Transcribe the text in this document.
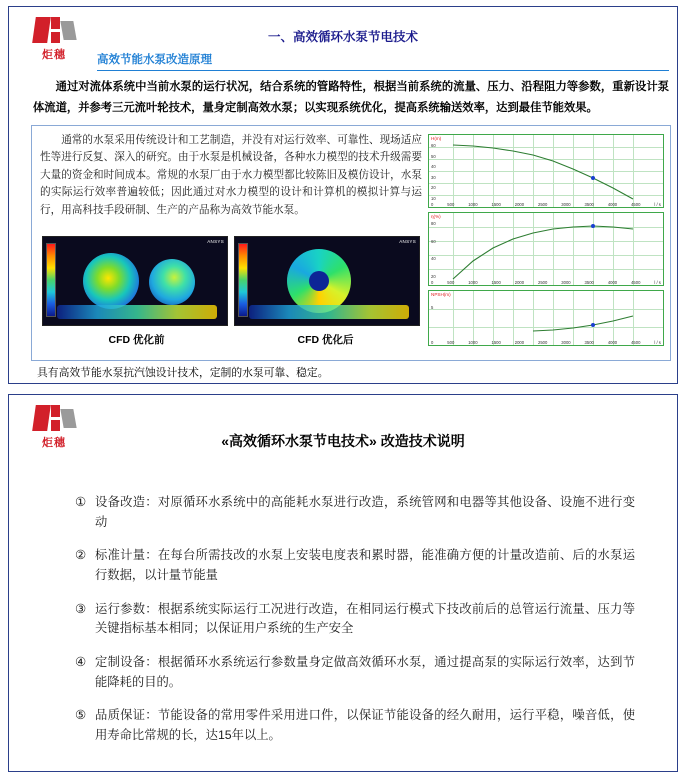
炬穗
一、高效循环水泵节电技术
高效节能水泵改造原理
通过对流体系统中当前水泵的运行状况，结合系统的管路特性，根据当前系统的流量、压力、沿程阻力等参数，重新设计泵体流道，并参考三元流叶轮技术，量身定制高效水泵；以实现系统优化，提高系统输送效率，达到最佳节能效果。
通常的水泵采用传统设计和工艺制造，并没有对运行效率、可靠性、现场适应性等进行反复、深入的研究。由于水泵是机械设备，各种水力模型的技术升级需要大量的资金和时间成本。常规的水泵厂由于水力模型都比较陈旧及模仿设计，水泵的实际运行效率普遍较低；因此通过对水力模型的设计和计算机的模拟计算与运行，用高科技手段研制、生产的产品称为高效节能水泵。
ANSYS	ANSYS
CFD 优化前	CFD 优化后
H(m)
60
50
40
30
20
10
0	500	1000	1500	2000	2500	3000	3500	4000	4500	l / s
η(%)
80
60
40
20
0	500	1000	1500	2000	2500	3000	3500	4000	4500	l / s
NPSH(m)
5
0	500	1000	1500	2000	2500	3000	3500	4000	4500	l / s
具有高效节能水泵抗汽蚀设计技术，定制的水泵可靠、稳定。
炬穗	«高效循环水泵节电技术» 改造技术说明
① 设备改造：对原循环水系统中的高能耗水泵进行改造，系统管网和电器等其他设备、设施不进行变动
② 标准计量：在每台所需技改的水泵上安装电度表和累时器，能准确方便的计量改造前、后的水泵运行数据，以计量节能量
③ 运行参数：根据系统实际运行工况进行改造，在相同运行模式下技改前后的总管运行流量、压力等关键指标基本相同；以保证用户系统的生产安全
④ 定制设备：根据循环水系统运行参数量身定做高效循环水泵，通过提高泵的实际运行效率，达到节能降耗的目的。
⑤ 品质保证：节能设备的常用零件采用进口件，以保证节能设备的经久耐用，运行平稳，噪音低，使用寿命比常规的长，达15年以上。
